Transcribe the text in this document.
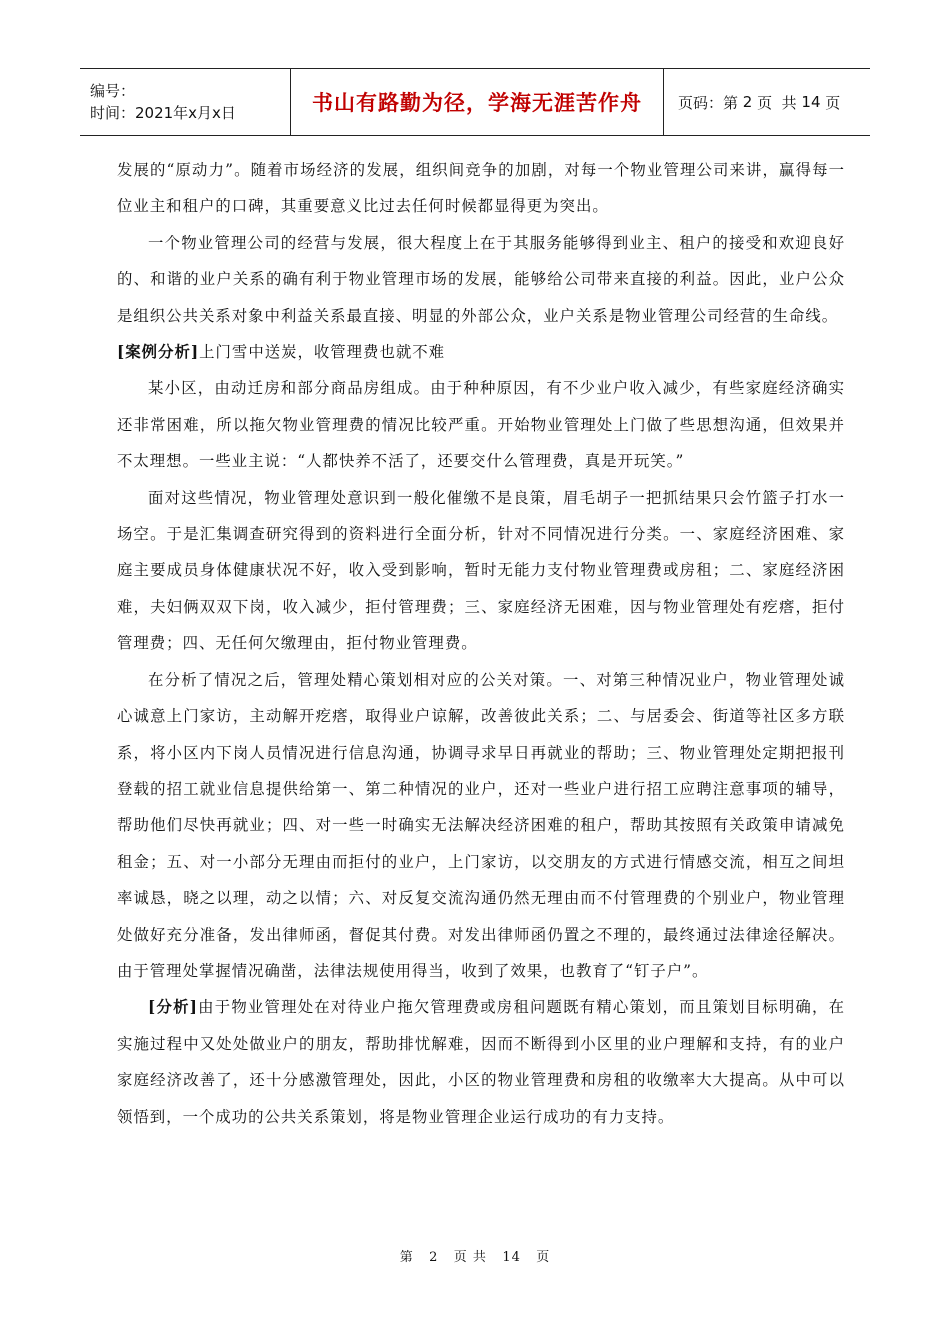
编号：
时间：2021年x月x日	书山有路勤为径，学海无涯苦作舟 页码：第 2 页  共 14 页

发展的“原动力”。随着市场经济的发展，组织间竞争的加剧，对每一个物业管理公司来讲，赢得每一位业主和租户的口碑，其重要意义比过去任何时候都显得更为突出。

一个物业管理公司的经营与发展，很大程度上在于其服务能够得到业主、租户的接受和欢迎良好的、和谐的业户关系的确有利于物业管理市场的发展，能够给公司带来直接的利益。因此，业户公众是组织公共关系对象中利益关系最直接、明显的外部公众，业户关系是物业管理公司经营的生命线。

[案例分析]上门雪中送炭，收管理费也就不难

某小区，由动迁房和部分商品房组成。由于种种原因，有不少业户收入减少，有些家庭经济确实还非常困难，所以拖欠物业管理费的情况比较严重。开始物业管理处上门做了些思想沟通，但效果并不太理想。一些业主说：“人都快养不活了，还要交什么管理费，真是开玩笑。”

面对这些情况，物业管理处意识到一般化催缴不是良策，眉毛胡子一把抓结果只会竹篮子打水一场空。于是汇集调查研究得到的资料进行全面分析，针对不同情况进行分类。一、家庭经济困难、家庭主要成员身体健康状况不好，收入受到影响，暂时无能力支付物业管理费或房租；二、家庭经济困难，夫妇俩双双下岗，收入减少，拒付管理费；三、家庭经济无困难，因与物业管理处有疙瘩，拒付管理费；四、无任何欠缴理由，拒付物业管理费。

在分析了情况之后，管理处精心策划相对应的公关对策。一、对第三种情况业户，物业管理处诚心诚意上门家访，主动解开疙瘩，取得业户谅解，改善彼此关系；二、与居委会、街道等社区多方联系，将小区内下岗人员情况进行信息沟通，协调寻求早日再就业的帮助；三、物业管理处定期把报刊登载的招工就业信息提供给第一、第二种情况的业户，还对一些业户进行招工应聘注意事项的辅导，帮助他们尽快再就业；四、对一些一时确实无法解决经济困难的租户，帮助其按照有关政策申请减免租金；五、对一小部分无理由而拒付的业户，上门家访，以交朋友的方式进行情感交流，相互之间坦率诚恳，晓之以理，动之以情；六、对反复交流沟通仍然无理由而不付管理费的个别业户，物业管理处做好充分准备，发出律师函，督促其付费。对发出律师函仍置之不理的，最终通过法律途径解决。由于管理处掌握情况确凿，法律法规使用得当，收到了效果，也教育了“钉子户”。

[分析]由于物业管理处在对待业户拖欠管理费或房租问题既有精心策划，而且策划目标明确，在实施过程中又处处做业户的朋友，帮助排忧解难，因而不断得到小区里的业户理解和支持，有的业户家庭经济改善了，还十分感激管理处，因此，小区的物业管理费和房租的收缴率大大提高。从中可以领悟到，一个成功的公共关系策划，将是物业管理企业运行成功的有力支持。

第   2   页 共   14   页
